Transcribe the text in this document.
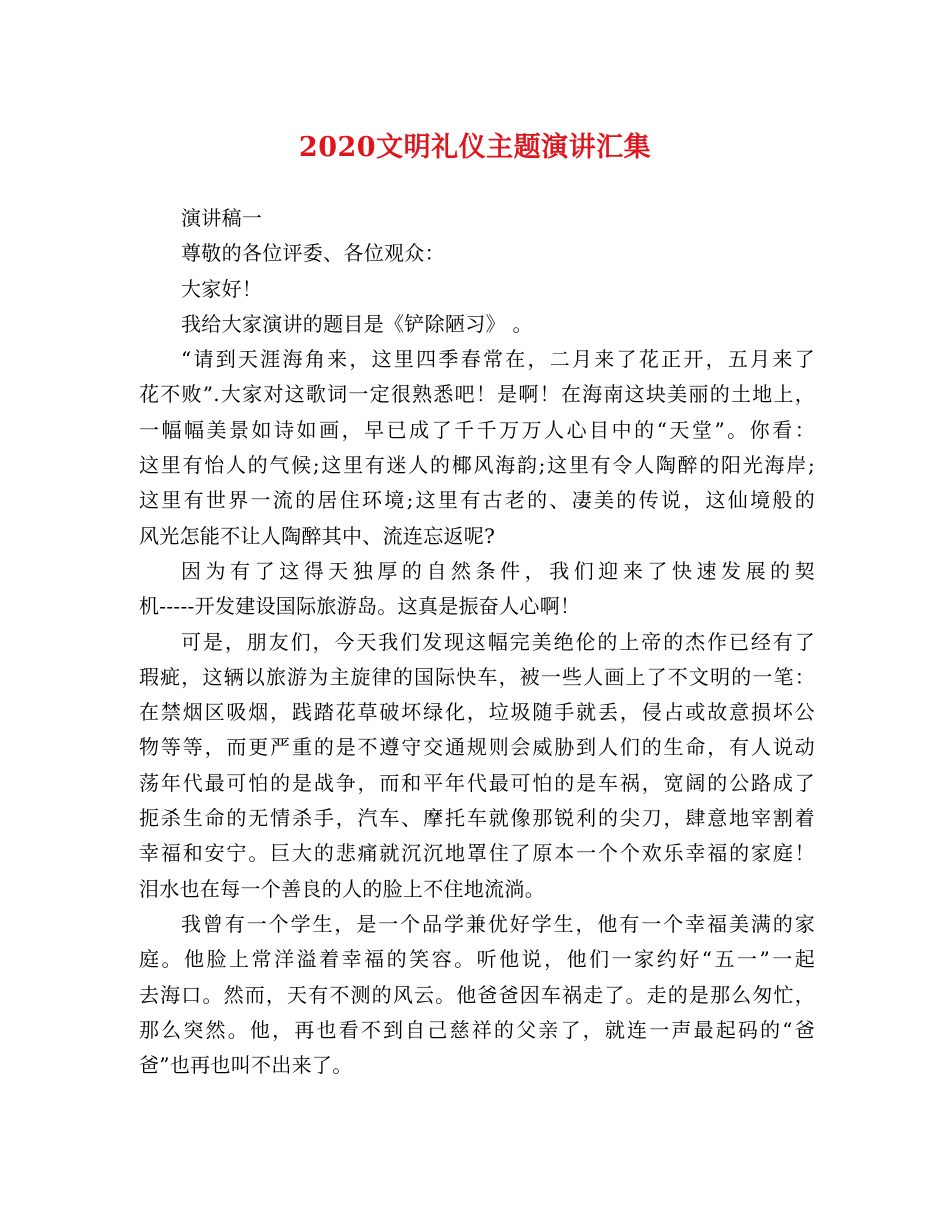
2020文明礼仪主题演讲汇集
演讲稿一
尊敬的各位评委、各位观众：
大家好！
我给大家演讲的题目是《铲除陋习》 。
“请到天涯海角来，这里四季春常在，二月来了花正开，五月来了
花不败”.大家对这歌词一定很熟悉吧！是啊！在海南这块美丽的土地上，
一幅幅美景如诗如画，早已成了千千万万人心目中的“天堂”。你看：
这里有怡人的气候;这里有迷人的椰风海韵;这里有令人陶醉的阳光海岸;
这里有世界一流的居住环境;这里有古老的、凄美的传说，这仙境般的
风光怎能不让人陶醉其中、流连忘返呢?
因为有了这得天独厚的自然条件，我们迎来了快速发展的契
机-----开发建设国际旅游岛。这真是振奋人心啊！
可是，朋友们，今天我们发现这幅完美绝伦的上帝的杰作已经有了
瑕疵，这辆以旅游为主旋律的国际快车，被一些人画上了不文明的一笔：
在禁烟区吸烟，践踏花草破坏绿化，垃圾随手就丢，侵占或故意损坏公
物等等，而更严重的是不遵守交通规则会威胁到人们的生命，有人说动
荡年代最可怕的是战争，而和平年代最可怕的是车祸，宽阔的公路成了
扼杀生命的无情杀手，汽车、摩托车就像那锐利的尖刀，肆意地宰割着
幸福和安宁。巨大的悲痛就沉沉地罩住了原本一个个欢乐幸福的家庭！
泪水也在每一个善良的人的脸上不住地流淌。
我曾有一个学生，是一个品学兼优好学生，他有一个幸福美满的家
庭。他脸上常洋溢着幸福的笑容。听他说，他们一家约好“五一”一起
去海口。然而，天有不测的风云。他爸爸因车祸走了。走的是那么匆忙，
那么突然。他，再也看不到自己慈祥的父亲了，就连一声最起码的“爸
爸”也再也叫不出来了。
